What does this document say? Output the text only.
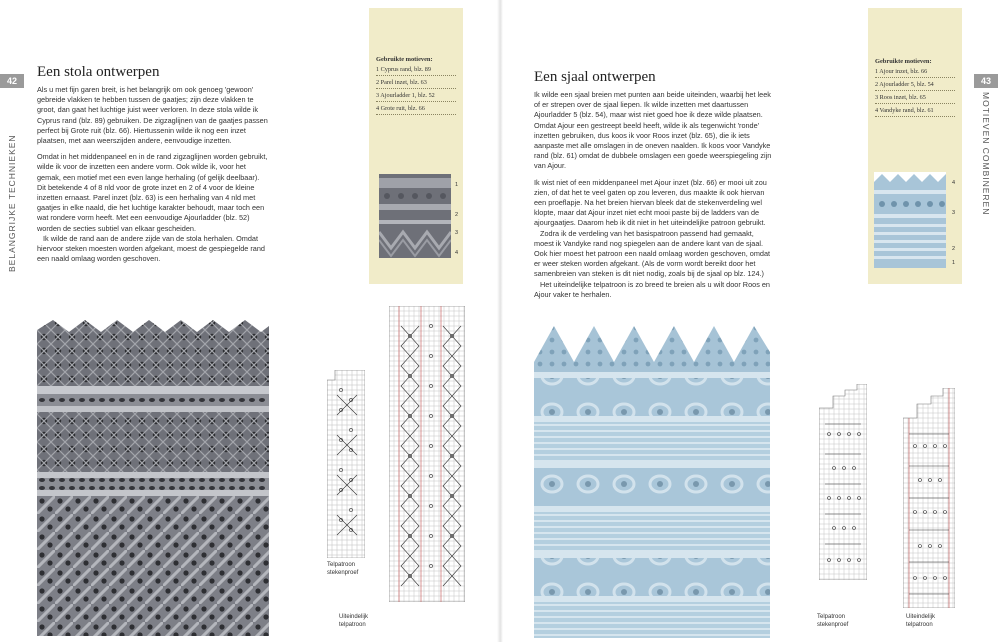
42
BELANGRIJKE TECHNIEKEN
43
MOTIEVEN COMBINEREN
Een stola ontwerpen

Als u met fijn garen breit, is het belangrijk om ook genoeg 'gewoon' gebreide vlakken te hebben tussen de gaatjes; zijn deze vlakken te groot, dan gaat het luchtige juist weer verloren. In deze stola wilde ik Cyprus rand (blz. 89) gebruiken. De zigzaglijnen van de gaatjes passen perfect bij Grote ruit (blz. 66). Hiertussenin wilde ik nog een inzet plaatsen, met aan weerszijden andere, eenvoudige inzetten.

Omdat in het middenpaneel en in de rand zigzaglijnen worden gebruikt, wilde ik voor de inzetten een andere vorm. Ook wilde ik, voor het gemak, een motief met een even lange herhaling (of gelijk deelbaar). Dit betekende 4 of 8 nld voor de grote inzet en 2 of 4 voor de kleine inzetten ernaast. Parel inzet (blz. 63) is een herhaling van 4 nld met gaatjes in elke naald, die het luchtige karakter behoudt, maar toch een wat rondere vorm heeft. Met een eenvoudige Ajourladder (blz. 52) worden de secties subtiel van elkaar gescheiden.

Ik wilde de rand aan de andere zijde van de stola herhalen. Omdat hiervoor steken moesten worden afgekant, moest de gespiegelde rand een naald omlaag worden geschoven.

Gebruikte motieven:
1 Cyprus rand, blz. 89
2 Parel inzet, blz. 63
3 Ajourladder 1, blz. 52
4 Grote ruit, blz. 66
1
2
3
4
Telpatroon stekenproef
Uiteindelijk telpatroon
Een sjaal ontwerpen

Ik wilde een sjaal breien met punten aan beide uiteinden, waarbij het leek of er strepen over de sjaal liepen. Ik wilde inzetten met daartussen Ajourladder 5 (blz. 54), maar wist niet goed hoe ik deze wilde plaatsen. Omdat Ajour een gestreept beeld heeft, wilde ik als tegenwicht 'ronde' inzetten gebruiken, dus koos ik voor Roos inzet (blz. 65), die ik iets aanpaste met alle omslagen in de oneven naalden. Ik koos voor Vandyke rand (blz. 61) omdat de dubbele omslagen een goede weerspiegeling zijn van Ajour.

Ik wist niet of een middenpaneel met Ajour inzet (blz. 66) er mooi uit zou zien, of dat het te veel gaten op zou leveren, dus maakte ik ook hiervan een proeflapje. Na het breien hiervan bleek dat de stekenverdeling wel klopte, maar dat Ajour inzet niet echt mooi paste bij de ladders van de ajourgaatjes. Daarom heb ik dit niet in het uiteindelijke patroon gebruikt.

Zodra ik de verdeling van het basispatroon passend had gemaakt, moest ik Vandyke rand nog spiegelen aan de andere kant van de sjaal. Ook hier moest het patroon een naald omlaag worden geschoven, omdat er weer steken worden afgekant. (Als de vorm wordt bereikt door het samenbreien van steken is dit niet nodig, zoals bij de sjaal op blz. 124.)

Het uiteindelijke telpatroon is zo breed te breien als u wilt door Roos en Ajour vaker te herhalen.

Gebruikte motieven:
1 Ajour inzet, blz. 66
2 Ajourladder 5, blz. 54
3 Roos inzet, blz. 65
4 Vandyke rand, blz. 61
4
3
2
1
Telpatroon stekenproef
Uiteindelijk telpatroon
